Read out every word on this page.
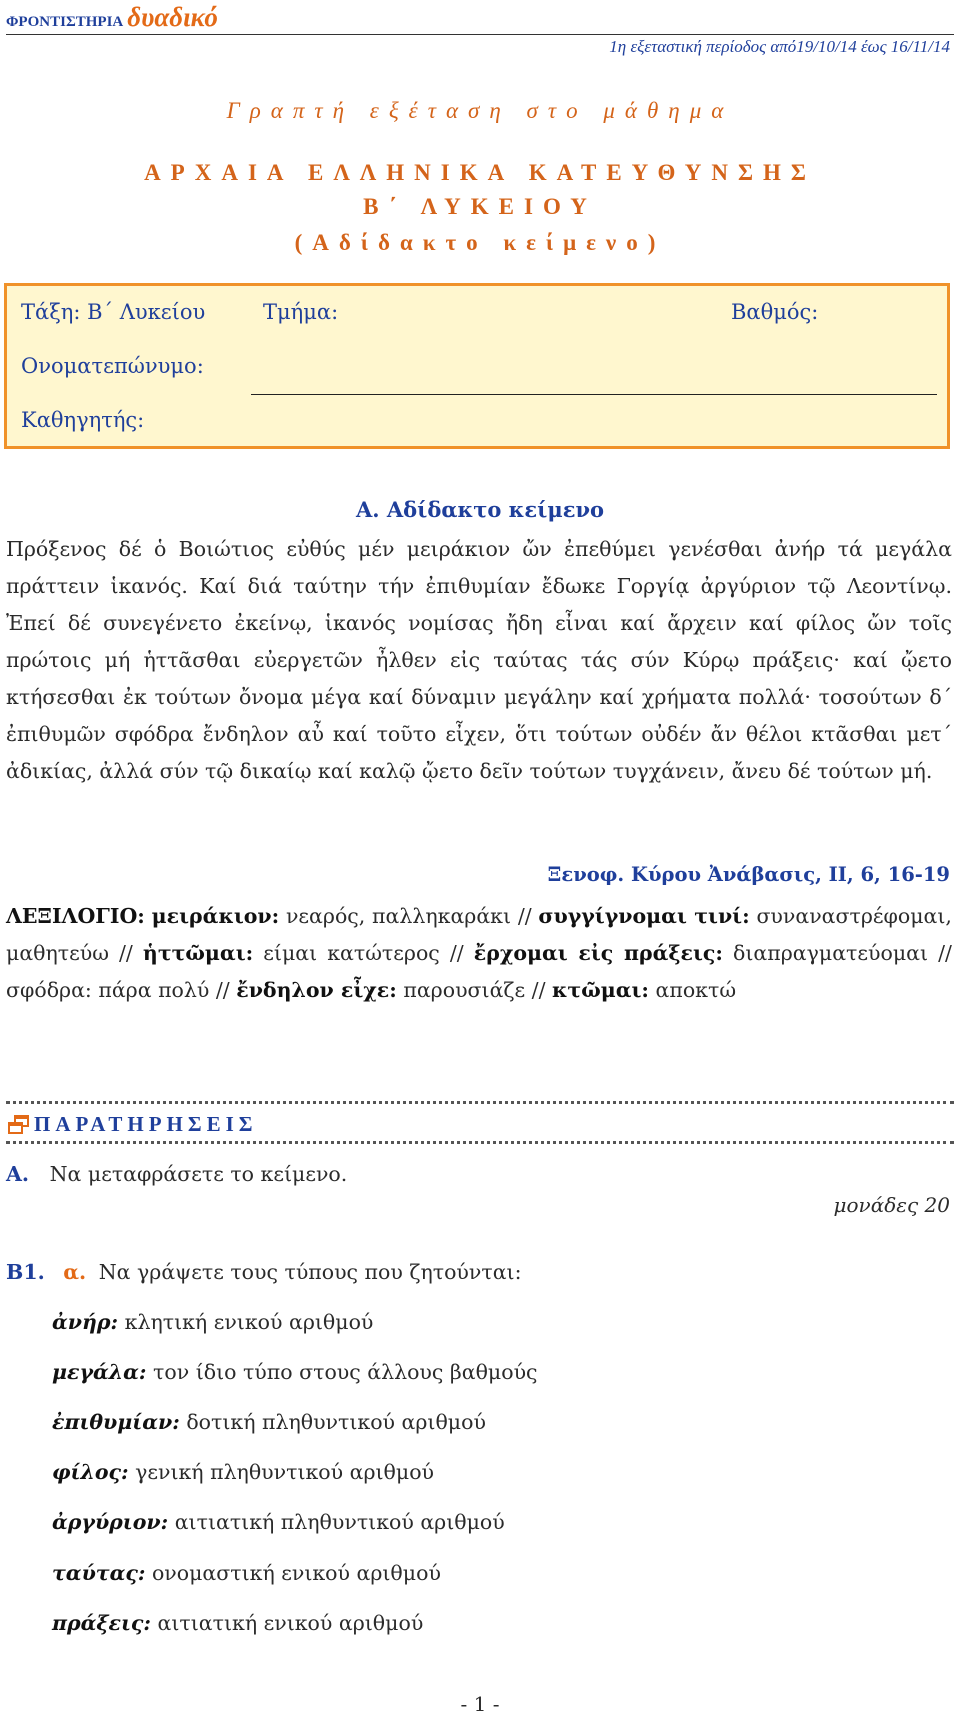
ΦΡΟΝΤΙΣΤΗΡΙΑ δυαδικό
1η εξεταστική περίοδος από19/10/14 έως 16/11/14
Γραπτή εξέταση στο μάθημα
ΑΡΧΑΙΑ ΕΛΛΗΝΙΚΑ ΚΑΤΕΥΘΥΝΣΗΣ
Β΄ ΛΥΚΕΙΟΥ
(Αδίδακτο κείμενο)
Τάξη: Β΄ Λυκείου	Τμήμα:	Βαθμός:
Ονοματεπώνυμο:
Καθηγητής:
Α. Αδίδακτο κείμενο
Πρόξενος δέ ὁ Βοιώτιος εὐθύς μέν μειράκιον ὤν ἐπεθύμει γενέσθαι ἀνήρ τά μεγάλα πράττειν ἱκανός. Καί διά ταύτην τήν ἐπιθυμίαν ἔδωκε Γοργίᾳ ἀργύριον τῷ Λεοντίνῳ. Ἐπεί δέ συνεγένετο ἐκείνῳ, ἱκανός νομίσας ἤδη εἶναι καί ἄρχειν καί φίλος ὤν τοῖς πρώτοις μή ἡττᾶσθαι εὐεργετῶν ἦλθεν εἰς ταύτας τάς σύν Κύρῳ πράξεις· καί ᾤετο κτήσεσθαι ἐκ τούτων ὄνομα μέγα καί δύναμιν μεγάλην καί χρήματα πολλά· τοσούτων δ΄ ἐπιθυμῶν σφόδρα ἔνδηλον αὖ καί τοῦτο εἶχεν, ὅτι τούτων οὐδέν ἄν θέλοι κτᾶσθαι μετ΄ ἀδικίας, ἀλλά σύν τῷ δικαίῳ καί καλῷ ᾤετο δεῖν τούτων τυγχάνειν, ἄνευ δέ τούτων μή.
Ξενοφ. Κύρου Ἀνάβασις, ΙΙ, 6, 16-19
ΛΕΞΙΛΟΓΙΟ: μειράκιον: νεαρός, παλληκαράκι // συγγίγνομαι τινί: συναναστρέφομαι, μαθητεύω // ἡττῶμαι: είμαι κατώτερος // ἔρχομαι εἰς πράξεις: διαπραγματεύομαι // σφόδρα: πάρα πολύ // ἔνδηλον εἶχε: παρουσιάζε // κτῶμαι: αποκτώ
ΠΑΡΑΤΗΡΗΣΕΙΣ
Α. Να μεταφράσετε το κείμενο.
μονάδες 20
Β1. α. Να γράψετε τους τύπους που ζητούνται:
ἀνήρ: κλητική ενικού αριθμού
μεγάλα: τον ίδιο τύπο στους άλλους βαθμούς
ἐπιθυμίαν: δοτική πληθυντικού αριθμού
φίλος: γενική πληθυντικού αριθμού
ἀργύριον: αιτιατική πληθυντικού αριθμού
ταύτας: ονομαστική ενικού αριθμού
πράξεις: αιτιατική ενικού αριθμού
- 1 -
